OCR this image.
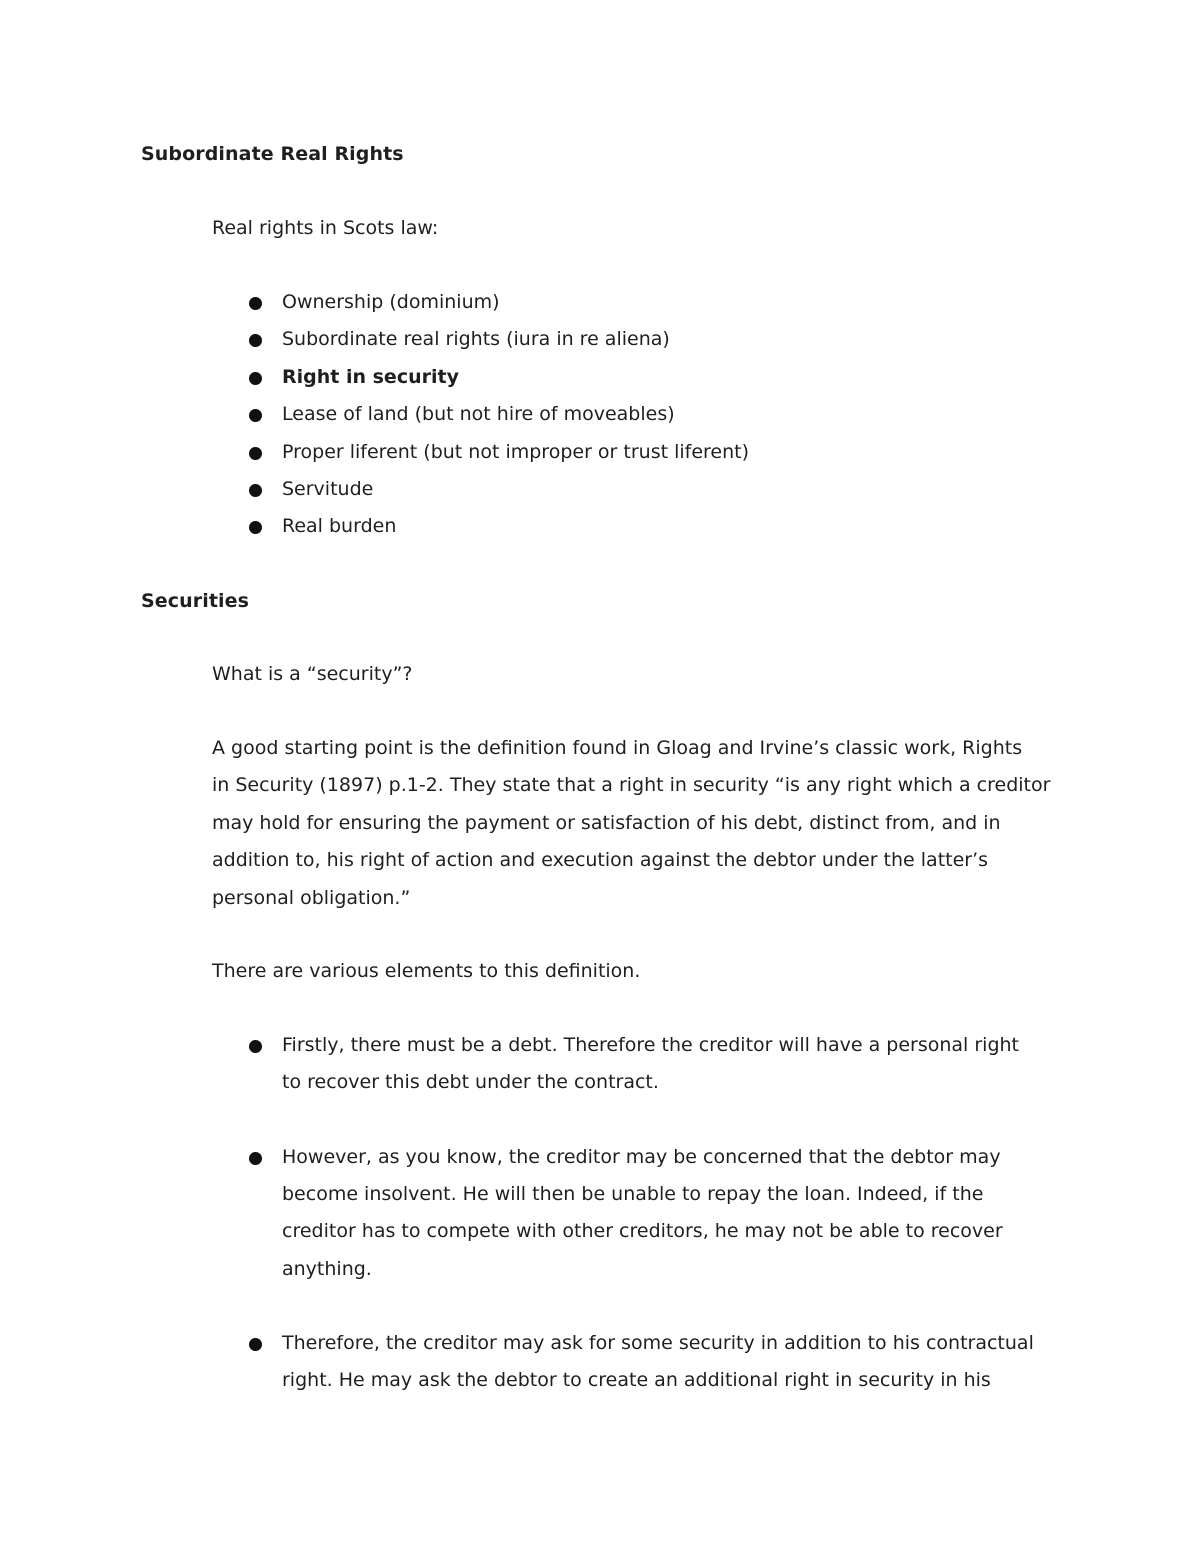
Subordinate Real Rights
Real rights in Scots law:
Ownership (dominium)
Subordinate real rights (iura in re aliena)
Right in security
Lease of land (but not hire of moveables)
Proper liferent (but not improper or trust liferent)
Servitude
Real burden
Securities
What is a “security”?
A good starting point is the definition found in Gloag and Irvine’s classic work, Rights
in Security (1897) p.1-2. They state that a right in security “is any right which a creditor
may hold for ensuring the payment or satisfaction of his debt, distinct from, and in
addition to, his right of action and execution against the debtor under the latter’s
personal obligation.”
There are various elements to this definition.
Firstly, there must be a debt. Therefore the creditor will have a personal right
to recover this debt under the contract.
However, as you know, the creditor may be concerned that the debtor may
become insolvent. He will then be unable to repay the loan. Indeed, if the
creditor has to compete with other creditors, he may not be able to recover
anything.
Therefore, the creditor may ask for some security in addition to his contractual
right. He may ask the debtor to create an additional right in security in his
